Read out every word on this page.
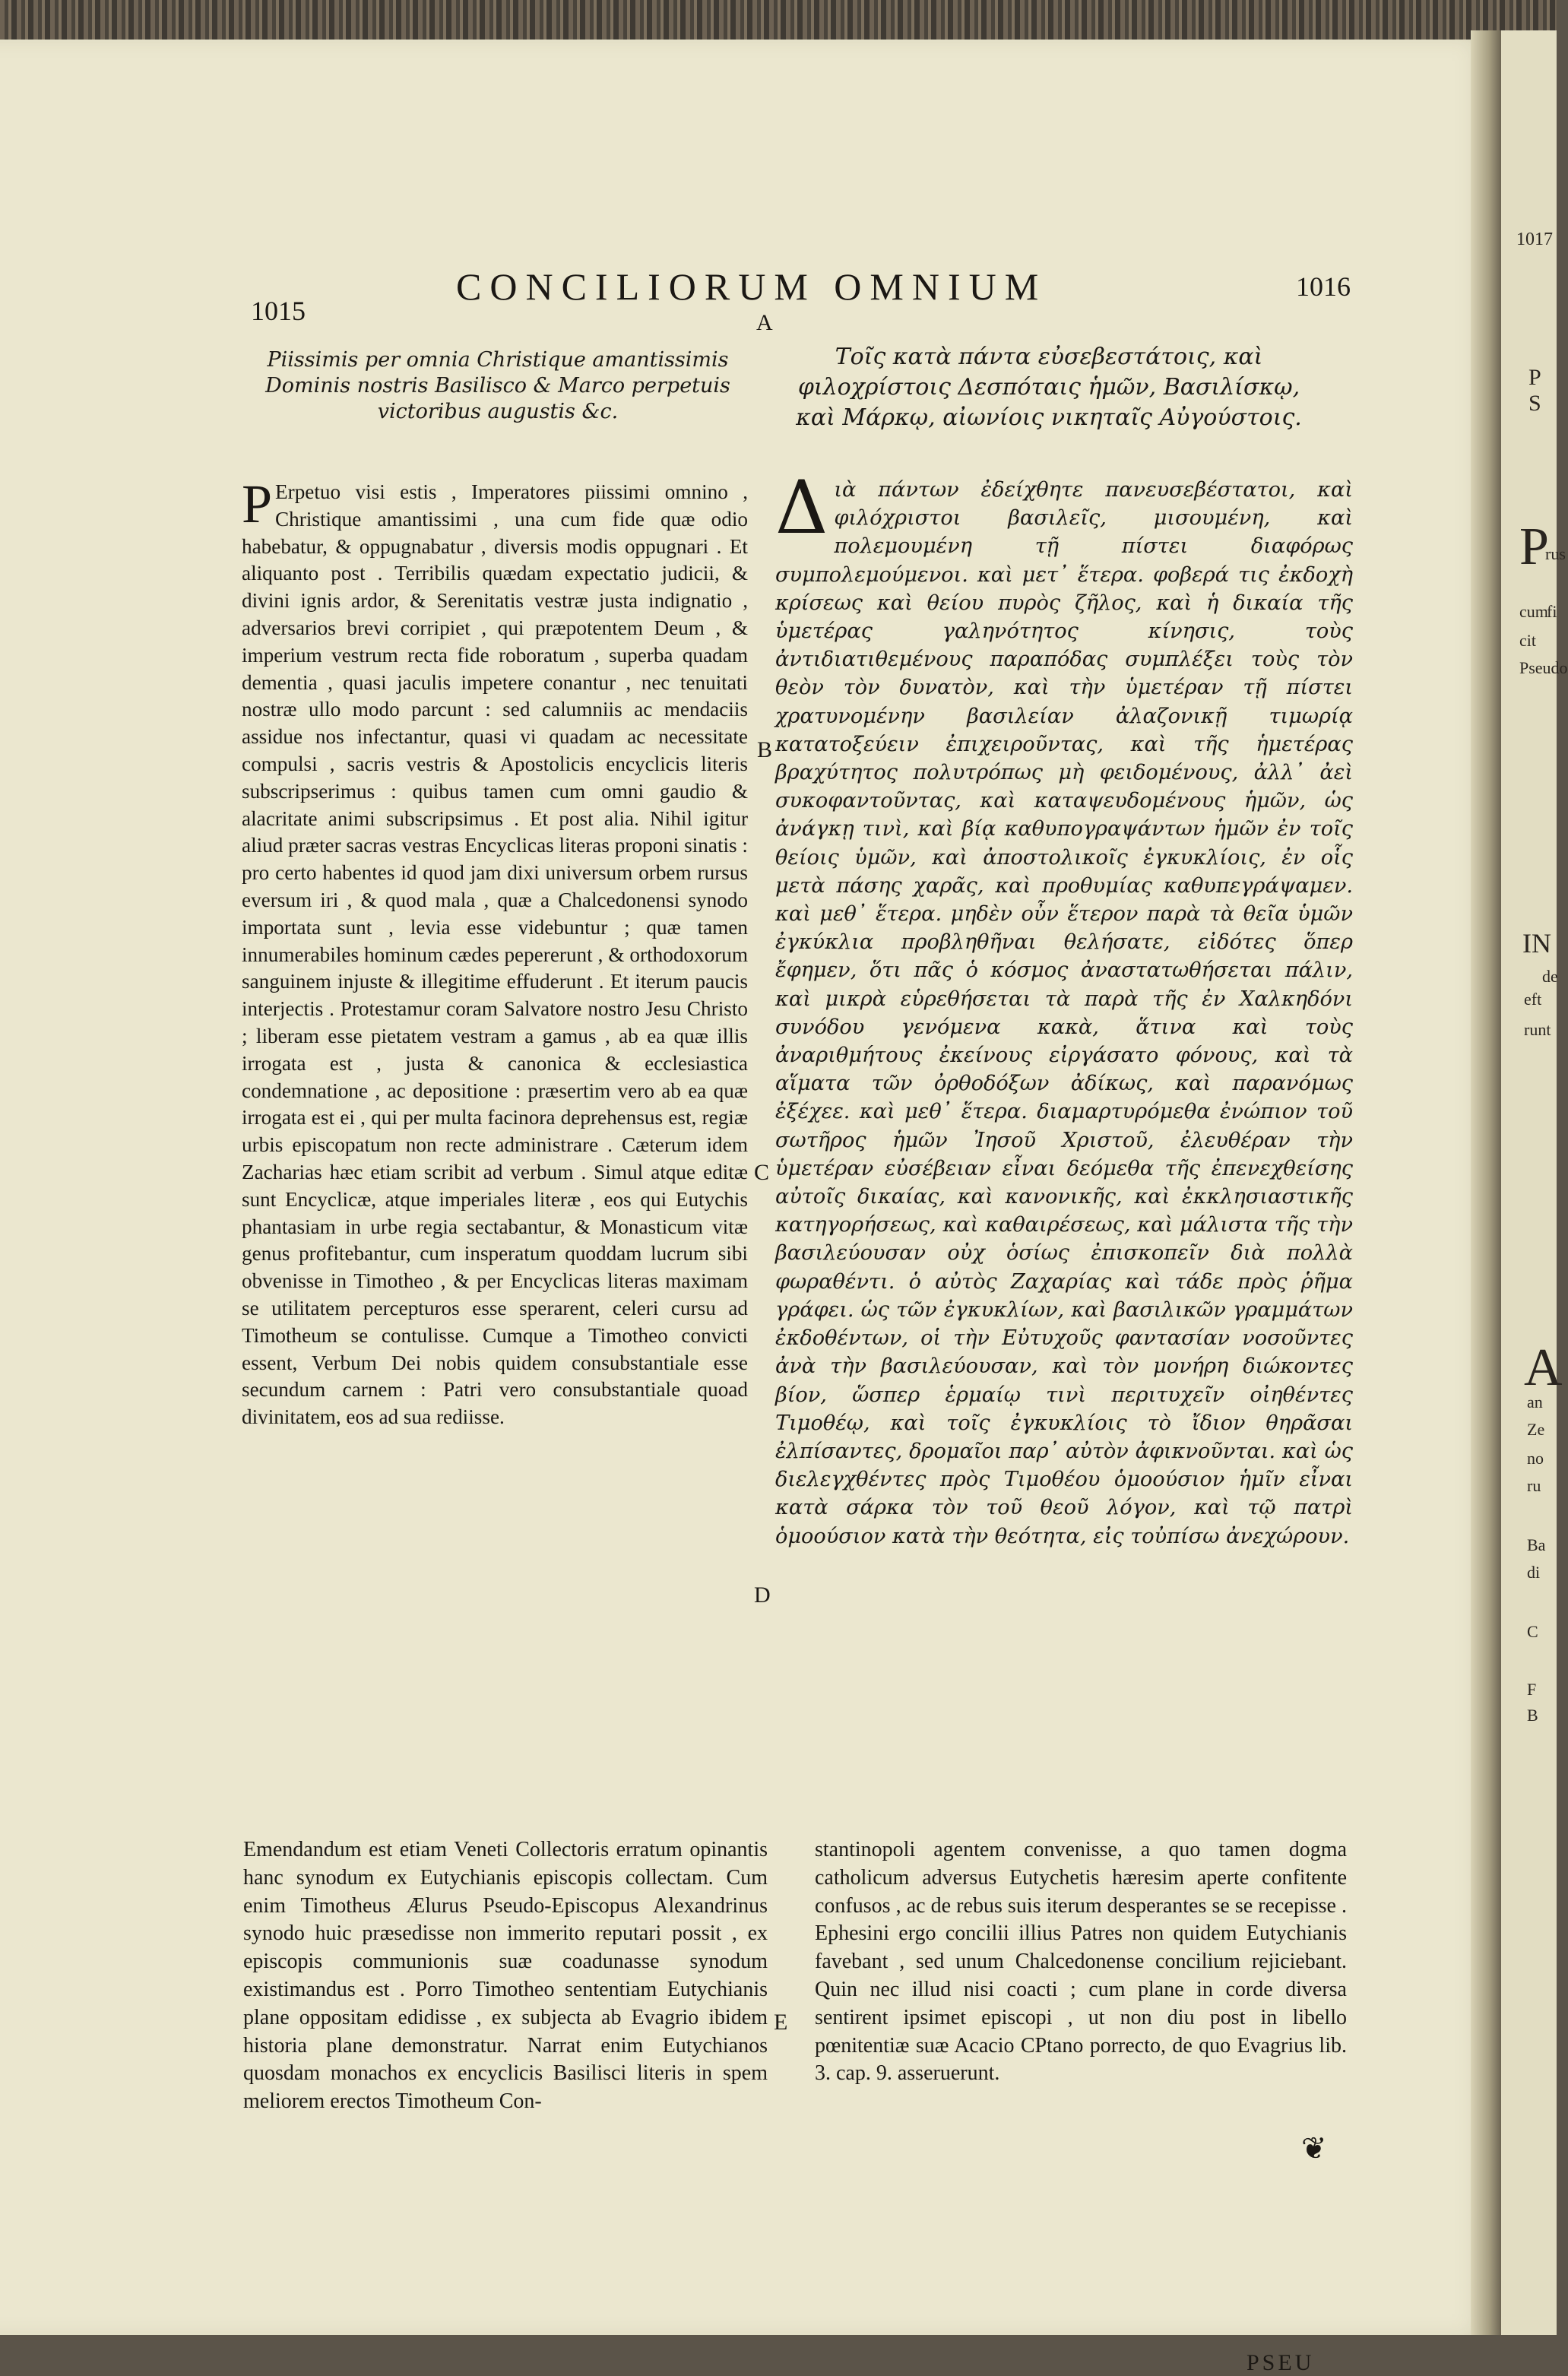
1015
CONCILIORUM OMNIUM	1016
A
B
C
D
E
Piissimis per omnia Christique amantissimis Dominis nostris Basilisco & Marco perpetuis victoribus augustis &c.
Τοῖς κατὰ πάντα εὐσεβεστάτοις, καὶ φιλοχρίστοις Δεσπόταις ἡμῶν, Βασιλίσκῳ, καὶ Μάρκῳ, αἰωνίοις νικηταῖς Αὐγούστοις.
P Erpetuo visi estis , Imperatores piissimi omnino , Christique amantissimi , una cum fide quæ odio habebatur, & oppugnabatur , diversis modis oppugnari . Et aliquanto post . Terribilis quædam expectatio judicii, & divini ignis ardor, & Serenitatis vestræ justa indignatio , adversarios brevi corripiet , qui præpotentem Deum , & imperium vestrum recta fide roboratum , superba quadam dementia , quasi jaculis impetere conantur , nec tenuitati nostræ ullo modo parcunt : sed calumniis ac mendaciis assidue nos infectantur, quasi vi quadam ac necessitate compulsi , sacris vestris & Apostolicis encyclicis literis subscripserimus : quibus tamen cum omni gaudio & alacritate animi subscripsimus . Et post alia. Nihil igitur aliud præter sacras vestras Encyclicas literas proponi sinatis : pro certo habentes id quod jam dixi universum orbem rursus eversum iri , & quod mala , quæ a Chalcedonensi synodo importata sunt , levia esse videbuntur ; quæ tamen innumerabiles hominum cædes pepererunt , & orthodoxorum sanguinem injuste & illegitime effuderunt . Et iterum paucis interjectis . Protestamur coram Salvatore nostro Jesu Christo ; liberam esse pietatem vestram a gamus , ab ea quæ illis irrogata est , justa & canonica & ecclesiastica condemnatione , ac depositione : præsertim vero ab ea quæ irrogata est ei , qui per multa facinora deprehensus est, regiæ urbis episcopatum non recte administrare . Cæterum idem Zacharias hæc etiam scribit ad verbum . Simul atque editæ sunt Encyclicæ, atque imperiales literæ , eos qui Eutychis phantasiam in urbe regia sectabantur, & Monasticum vitæ genus profitebantur, cum insperatum quoddam lucrum sibi obvenisse in Timotheo , & per Encyclicas literas maximam se utilitatem percepturos esse sperarent, celeri cursu ad Timotheum se contulisse. Cumque a Timotheo convicti essent, Verbum Dei nobis quidem consubstantiale esse secundum carnem : Patri vero consubstantiale quoad divinitatem, eos ad sua rediisse.
Διὰ πάντων ἐδείχθητε πανευσεβέστατοι, καὶ φιλόχριστοι βασιλεῖς, μισουμένη, καὶ πολεμουμένη τῇ πίστει διαφόρως συμπολεμούμενοι. καὶ μετ᾽ ἕτερα. φοβερά τις ἐκδοχὴ κρίσεως καὶ θείου πυρὸς ζῆλος, καὶ ἡ δικαία τῆς ὑμετέρας γαληνότητος κίνησις, τοὺς ἀντιδιατιθεμένους παραπόδας συμπλέξει τοὺς τὸν θεὸν τὸν δυνατὸν, καὶ τὴν ὑμετέραν τῇ πίστει χρατυνομένην βασιλείαν ἀλαζονικῇ τιμωρίᾳ κατατοξεύειν ἐπιχειροῦντας, καὶ τῆς ἡμετέρας βραχύτητος πολυτρόπως μὴ φειδομένους, ἀλλ᾽ ἀεὶ συκοφαντοῦντας, καὶ καταψευδομένους ἡμῶν, ὡς ἀνάγκῃ τινὶ, καὶ βίᾳ καθυπογραψάντων ἡμῶν ἐν τοῖς θείοις ὑμῶν, καὶ ἀποστολικοῖς ἐγκυκλίοις, ἐν οἷς μετὰ πάσης χαρᾶς, καὶ προθυμίας καθυπεγράψαμεν. καὶ μεθ᾽ ἕτερα. μηδὲν οὖν ἕτερον παρὰ τὰ θεῖα ὑμῶν ἐγκύκλια προβληθῆναι θελήσατε, εἰδότες ὅπερ ἔφημεν, ὅτι πᾶς ὁ κόσμος ἀναστατωθήσεται πάλιν, καὶ μικρὰ εὑρεθήσεται τὰ παρὰ τῆς ἐν Χαλκηδόνι συνόδου γενόμενα κακὰ, ἅτινα καὶ τοὺς ἀναριθμήτους ἐκείνους εἰργάσατο φόνους, καὶ τὰ αἵματα τῶν ὀρθοδόξων ἀδίκως, καὶ παρανόμως ἐξέχεε. καὶ μεθ᾽ ἕτερα. διαμαρτυρόμεθα ἐνώπιον τοῦ σωτῆρος ἡμῶν Ἰησοῦ Χριστοῦ, ἐλευθέραν τὴν ὑμετέραν εὐσέβειαν εἶναι δεόμεθα τῆς ἐπενεχθείσης αὐτοῖς δικαίας, καὶ κανονικῆς, καὶ ἐκκλησιαστικῆς κατηγορήσεως, καὶ καθαιρέσεως, καὶ μάλιστα τῆς τὴν βασιλεύουσαν οὐχ ὁσίως ἐπισκοπεῖν διὰ πολλὰ φωραθέντι. ὁ αὐτὸς Ζαχαρίας καὶ τάδε πρὸς ῥῆμα γράφει. ὡς τῶν ἐγκυκλίων, καὶ βασιλικῶν γραμμάτων ἐκδοθέντων, οἱ τὴν Εὐτυχοῦς φαντασίαν νοσοῦντες ἀνὰ τὴν βασιλεύουσαν, καὶ τὸν μονήρη διώκοντες βίον, ὥσπερ ἑρμαίῳ τινὶ περιτυχεῖν οἰηθέντες Τιμοθέῳ, καὶ τοῖς ἐγκυκλίοις τὸ ἴδιον θηρᾶσαι ἐλπίσαντες, δρομαῖοι παρ᾽ αὐτὸν ἀφικνοῦνται. καὶ ὡς διελεγχθέντες πρὸς Τιμοθέου ὁμοούσιον ἡμῖν εἶναι κατὰ σάρκα τὸν τοῦ θεοῦ λόγον, καὶ τῷ πατρὶ ὁμοούσιον κατὰ τὴν θεότητα, εἰς τοὐπίσω ἀνεχώρουν.
Emendandum est etiam Veneti Collectoris erratum opinantis hanc synodum ex Eutychianis episcopis collectam. Cum enim Timotheus Ælurus Pseudo-Episcopus Alexandrinus synodo huic præsedisse non immerito reputari possit , ex episcopis communionis suæ coadunasse synodum existimandus est . Porro Timotheo sententiam Eutychianis plane oppositam edidisse , ex subjecta ab Evagrio ibidem historia plane demonstratur. Narrat enim Eutychianos quosdam monachos ex encyclicis Basilisci literis in spem meliorem erectos Timotheum Con-
stantinopoli agentem convenisse, a quo tamen dogma catholicum adversus Eutychetis hæresim aperte confitente confusos , ac de rebus suis iterum desperantes se se recepisse . Ephesini ergo concilii illius Patres non quidem Eutychianis favebant , sed unum Chalcedonense concilium rejiciebant. Quin nec illud nisi coacti ; cum plane in corde diversa sentirent ipsimet episcopi , ut non diu post in libello pœnitentiæ suæ Acacio CPtano porrecto, de quo Evagrius lib. 3. cap. 9. asseruerunt.
❦
PSEU
1017
P S
P
rus
cum
fi
cit
Pseudo
IN
de
eft
runt
A
an
Ze
no
ru
Ba
di
C
F
B
